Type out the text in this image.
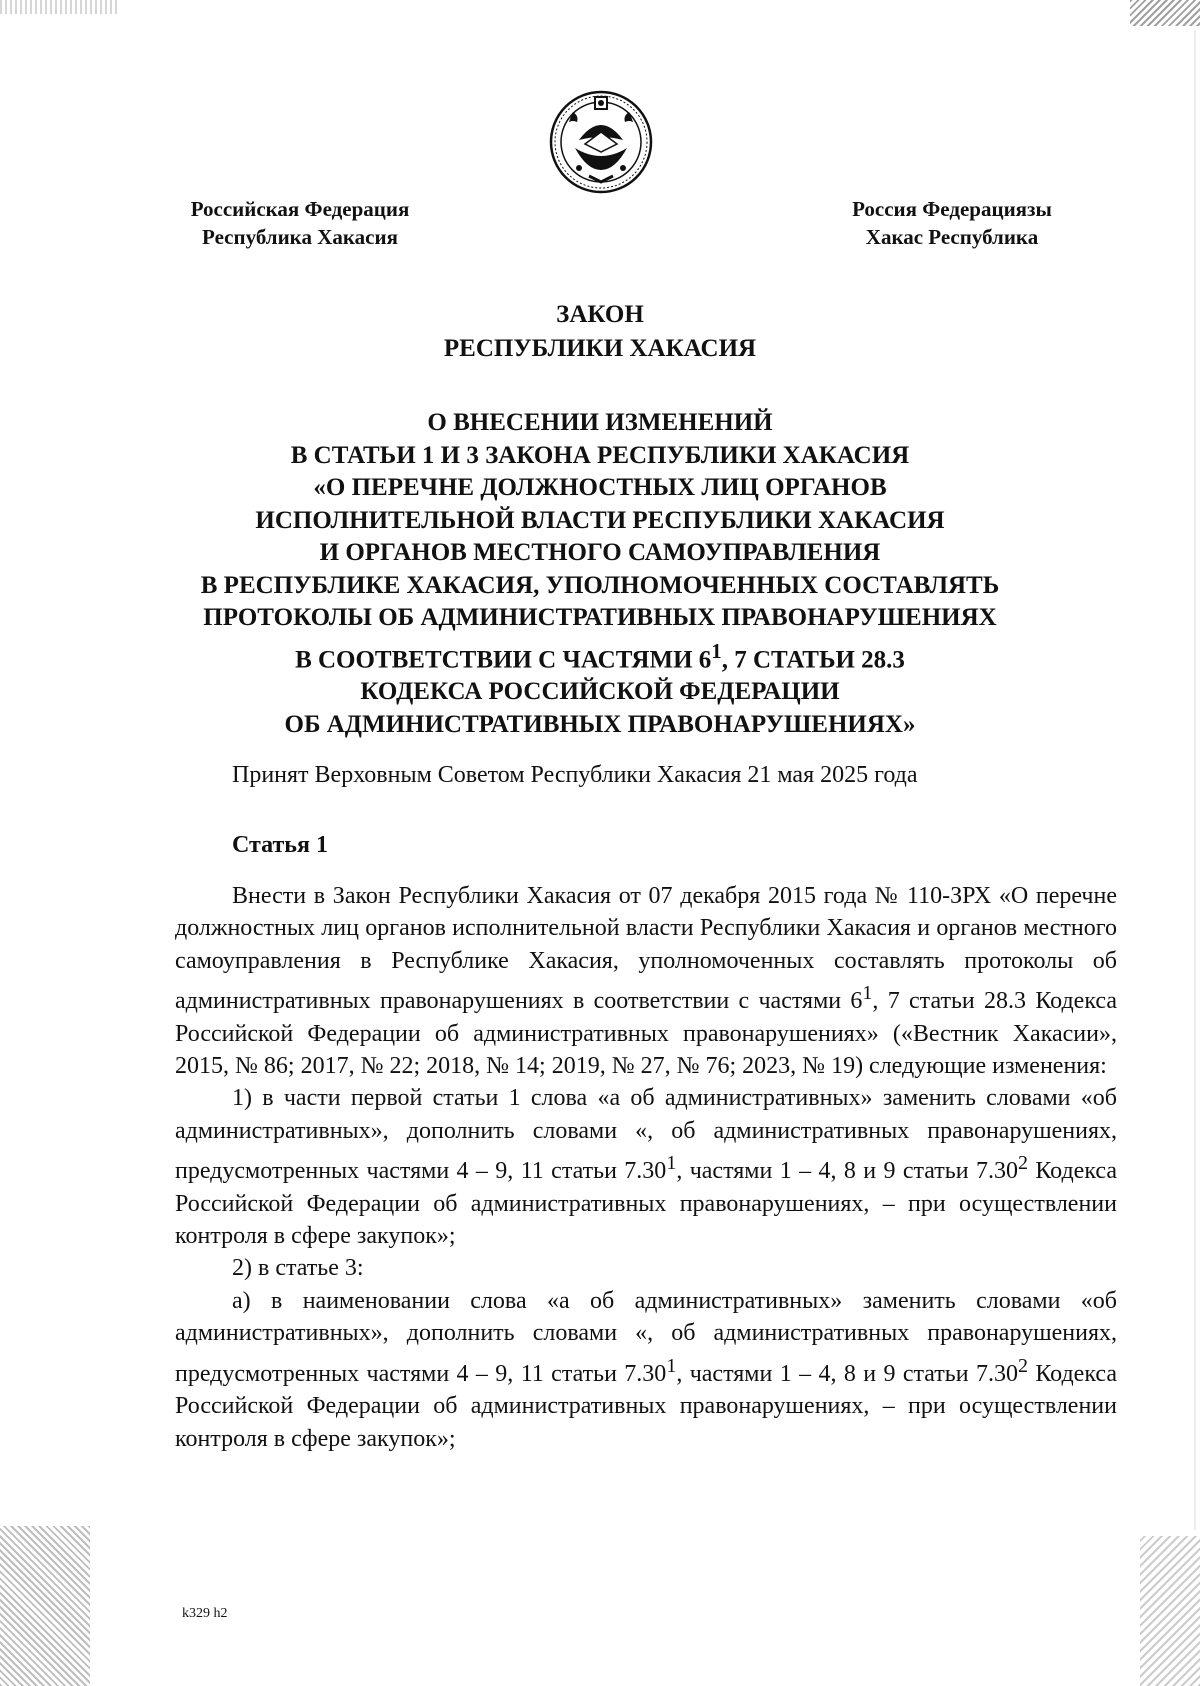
Российская Федерация
Республика Хакасия
Россия Федерациязы
Хакас Республика
ЗАКОН
РЕСПУБЛИКИ ХАКАСИЯ
О ВНЕСЕНИИ ИЗМЕНЕНИЙ
В СТАТЬИ 1 И 3 ЗАКОНА РЕСПУБЛИКИ ХАКАСИЯ
«О ПЕРЕЧНЕ ДОЛЖНОСТНЫХ ЛИЦ ОРГАНОВ
ИСПОЛНИТЕЛЬНОЙ ВЛАСТИ РЕСПУБЛИКИ ХАКАСИЯ
И ОРГАНОВ МЕСТНОГО САМОУПРАВЛЕНИЯ
В РЕСПУБЛИКЕ ХАКАСИЯ, УПОЛНОМОЧЕННЫХ СОСТАВЛЯТЬ
ПРОТОКОЛЫ ОБ АДМИНИСТРАТИВНЫХ ПРАВОНАРУШЕНИЯХ
В СООТВЕТСТВИИ С ЧАСТЯМИ $6^1$, 7 СТАТЬИ 28.3
КОДЕКСА РОССИЙСКОЙ ФЕДЕРАЦИИ
ОБ АДМИНИСТРАТИВНЫХ ПРАВОНАРУШЕНИЯХ»
Принят Верховным Советом Республики Хакасия 21 мая 2025 года
Статья 1

Внести в Закон Республики Хакасия от 07 декабря 2015 года № 110-ЗРХ «О перечне должностных лиц органов исполнительной власти Республики Хакасия и органов местного самоуправления в Республике Хакасия, уполномоченных составлять протоколы об административных правонарушениях в соответствии с частями $6^1$, 7 статьи 28.3 Кодекса Российской Федерации об административных правонарушениях» («Вестник Хакасии», 2015, № 86; 2017, № 22; 2018, № 14; 2019, № 27, № 76; 2023, № 19) следующие изменения:

1) в части первой статьи 1 слова «а об административных» заменить словами «об административных», дополнить словами «, об административных правонарушениях, предусмотренных частями 4 – 9, 11 статьи 7.30$^1$, частями 1 – 4, 8 и 9 статьи 7.30$^2$ Кодекса Российской Федерации об административных правонарушениях, – при осуществлении контроля в сфере закупок»;

2) в статье 3:

а) в наименовании слова «а об административных» заменить словами «об административных», дополнить словами «, об административных правонарушениях, предусмотренных частями 4 – 9, 11 статьи 7.30$^1$, частями 1 – 4, 8 и 9 статьи 7.30$^2$ Кодекса Российской Федерации об административных правонарушениях, – при осуществлении контроля в сфере закупок»;

k329 h2
